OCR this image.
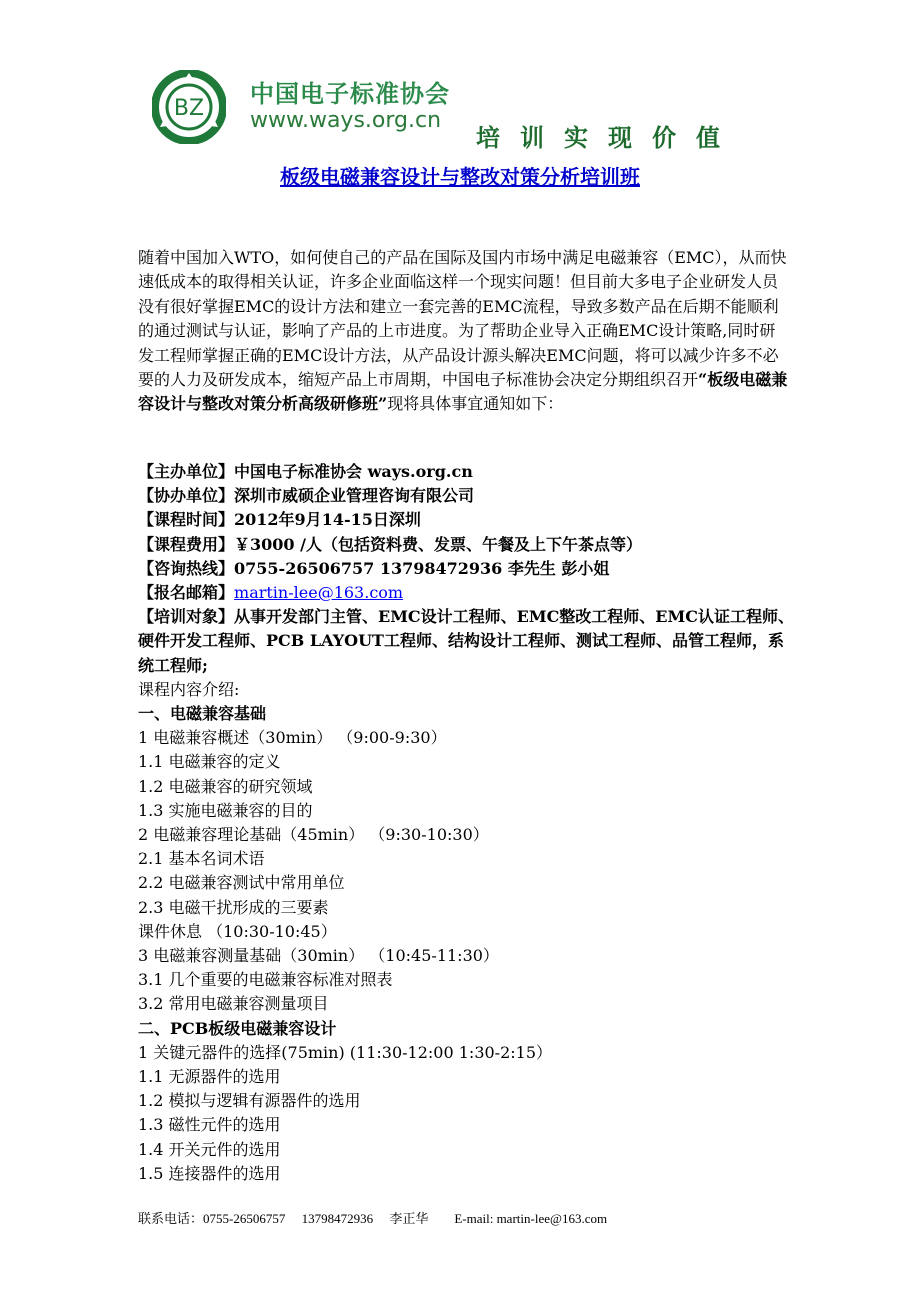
BZ
中国电子标准协会
www.ways.org.cn
培训实现价值
板级电磁兼容设计与整改对策分析培训班

随着中国加入WTO，如何使自己的产品在国际及国内市场中满足电磁兼容（EMC），从而快速低成本的取得相关认证，许多企业面临这样一个现实问题！但目前大多电子企业研发人员没有很好掌握EMC的设计方法和建立一套完善的EMC流程，导致多数产品在后期不能顺利的通过测试与认证，影响了产品的上市进度。为了帮助企业导入正确EMC设计策略,同时研发工程师掌握正确的EMC设计方法，从产品设计源头解决EMC问题，将可以减少许多不必要的人力及研发成本，缩短产品上市周期，中国电子标准协会决定分期组织召开“板级电磁兼容设计与整改对策分析高级研修班”现将具体事宜通知如下：

【主办单位】中国电子标准协会 ways.org.cn
【协办单位】深圳市威硕企业管理咨询有限公司
【课程时间】2012年9月14-15日深圳
【课程费用】￥3000 /人（包括资料费、发票、午餐及上下午茶点等）
【咨询热线】0755-26506757 13798472936 李先生 彭小姐
【报名邮箱】martin-lee@163.com
【培训对象】从事开发部门主管、EMC设计工程师、EMC整改工程师、EMC认证工程师、硬件开发工程师、PCB LAYOUT工程师、结构设计工程师、测试工程师、品管工程师，系统工程师;
课程内容介绍:
一、电磁兼容基础
1 电磁兼容概述（30min） （9:00-9:30）
1.1 电磁兼容的定义
1.2 电磁兼容的研究领域
1.3 实施电磁兼容的目的
2 电磁兼容理论基础（45min） （9:30-10:30）
2.1 基本名词术语
2.2 电磁兼容测试中常用单位
2.3 电磁干扰形成的三要素
课件休息 （10:30-10:45）
3 电磁兼容测量基础（30min） （10:45-11:30）
3.1 几个重要的电磁兼容标准对照表
3.2 常用电磁兼容测量项目
二、PCB板级电磁兼容设计
1 关键元器件的选择(75min) (11:30-12:00 1:30-2:15）
1.1 无源器件的选用
1.2 模拟与逻辑有源器件的选用
1.3 磁性元件的选用
1.4 开关元件的选用
1.5 连接器件的选用
联系电话：0755-26506757     13798472936     李正华        E-mail: martin-lee@163.com
